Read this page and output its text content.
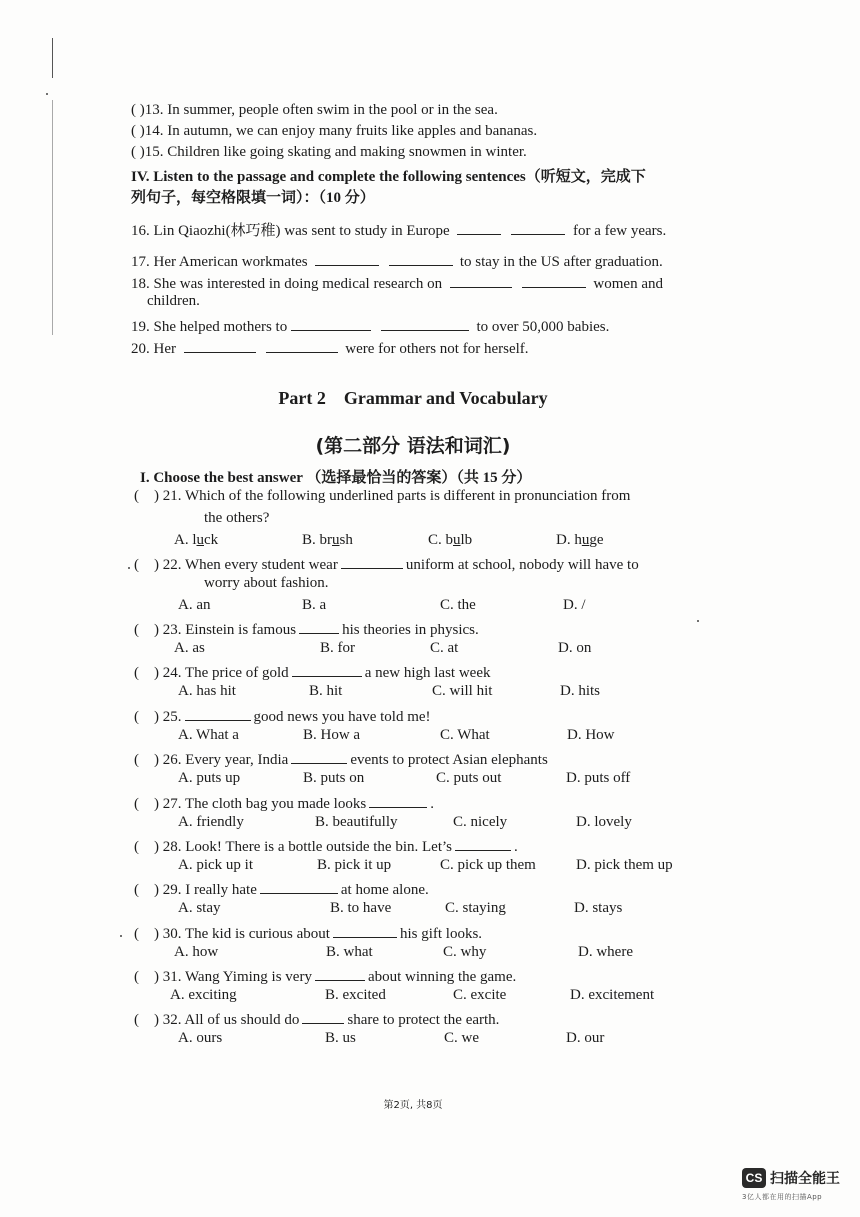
( )13. In summer, people often swim in the pool or in the sea.
( )14. In autumn, we can enjoy many fruits like apples and bananas.
( )15. Children like going skating and making snowmen in winter.
IV. Listen to the passage and complete the following sentences（听短文，完成下
列句子，每空格限填一词）：（10 分）
16. Lin Qiaozhi(林巧稚) was sent to study in Europe	for a few years.
17. Her American workmates	to stay in the US after graduation.
18. She was interested in doing medical research on	women and
children.
19. She helped mothers to	to over 50,000 babies.
20. Her	were for others not for herself.
Part 2    Grammar and Vocabulary
(第二部分 语法和词汇)
I. Choose the best answer （选择最恰当的答案）（共 15 分）
(    ) 21. Which of the following underlined parts is different in pronunciation from
the others?
A. luck	B. brush	C. bulb	D. huge
(    ) 22. When every student wear	uniform at school, nobody will have to
worry about fashion.
A. an	B. a	C. the	D. /
(    ) 23. Einstein is famous	his theories in physics.
A. as	B. for	C. at	D. on
(    ) 24. The price of gold	a new high last week
A. has hit	B. hit	C. will hit	D. hits
(    ) 25.	good news you have told me!
A. What a	B. How a	C. What	D. How
(    ) 26. Every year, India	events to protect Asian elephants
A. puts up	B. puts on	C. puts out	D. puts off
(    ) 27. The cloth bag you made looks	.
A. friendly	B. beautifully	C. nicely	D. lovely
(    ) 28. Look! There is a bottle outside the bin. Let’s	.
A. pick up it	B. pick it up	C. pick up them	D. pick them up
(    ) 29. I really hate	at home alone.
A. stay	B. to have	C. staying	D. stays
(    ) 30. The kid is curious about	his gift looks.
A. how	B. what	C. why	D. where
(    ) 31. Wang Yiming is very	about winning the game.
A. exciting	B. excited	C. excite	D. excitement
(    ) 32. All of us should do	share to protect the earth.
A. ours	B. us	C. we	D. our
第2页, 共8页
CS 扫描全能王
3亿人都在用的扫描App
